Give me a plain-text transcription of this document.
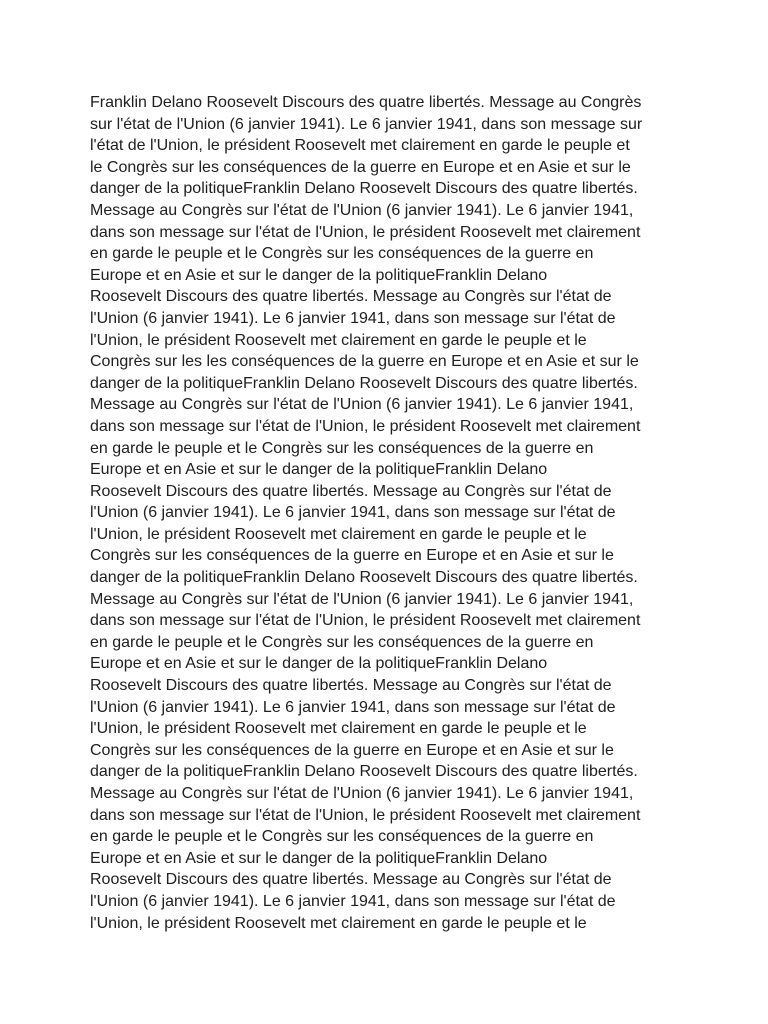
Franklin Delano Roosevelt Discours des quatre libertés. Message au Congrès
sur l'état de l'Union (6 janvier 1941). Le 6 janvier 1941, dans son message sur
l'état de l'Union, le président Roosevelt met clairement en garde le peuple et
le Congrès sur les conséquences de la guerre en Europe et en Asie et sur le
danger de la politiqueFranklin Delano Roosevelt Discours des quatre libertés.
Message au Congrès sur l'état de l'Union (6 janvier 1941). Le 6 janvier 1941,
dans son message sur l'état de l'Union, le président Roosevelt met clairement
en garde le peuple et le Congrès sur les conséquences de la guerre en
Europe et en Asie et sur le danger de la politiqueFranklin Delano
Roosevelt Discours des quatre libertés. Message au Congrès sur l'état de
l'Union (6 janvier 1941). Le 6 janvier 1941, dans son message sur l'état de
l'Union, le président Roosevelt met clairement en garde le peuple et le
Congrès sur les les conséquences de la guerre en Europe et en Asie et sur le
danger de la politiqueFranklin Delano Roosevelt Discours des quatre libertés.
Message au Congrès sur l'état de l'Union (6 janvier 1941). Le 6 janvier 1941,
dans son message sur l'état de l'Union, le président Roosevelt met clairement
en garde le peuple et le Congrès sur les conséquences de la guerre en
Europe et en Asie et sur le danger de la politiqueFranklin Delano
Roosevelt Discours des quatre libertés. Message au Congrès sur l'état de
l'Union (6 janvier 1941). Le 6 janvier 1941, dans son message sur l'état de
l'Union, le président Roosevelt met clairement en garde le peuple et le
Congrès sur les conséquences de la guerre en Europe et en Asie et sur le
danger de la politiqueFranklin Delano Roosevelt Discours des quatre libertés.
Message au Congrès sur l'état de l'Union (6 janvier 1941). Le 6 janvier 1941,
dans son message sur l'état de l'Union, le président Roosevelt met clairement
en garde le peuple et le Congrès sur les conséquences de la guerre en
Europe et en Asie et sur le danger de la politiqueFranklin Delano
Roosevelt Discours des quatre libertés. Message au Congrès sur l'état de
l'Union (6 janvier 1941). Le 6 janvier 1941, dans son message sur l'état de
l'Union, le président Roosevelt met clairement en garde le peuple et le
Congrès sur les conséquences de la guerre en Europe et en Asie et sur le
danger de la politiqueFranklin Delano Roosevelt Discours des quatre libertés.
Message au Congrès sur l'état de l'Union (6 janvier 1941). Le 6 janvier 1941,
dans son message sur l'état de l'Union, le président Roosevelt met clairement
en garde le peuple et le Congrès sur les conséquences de la guerre en
Europe et en Asie et sur le danger de la politiqueFranklin Delano
Roosevelt Discours des quatre libertés. Message au Congrès sur l'état de
l'Union (6 janvier 1941). Le 6 janvier 1941, dans son message sur l'état de
l'Union, le président Roosevelt met clairement en garde le peuple et le
